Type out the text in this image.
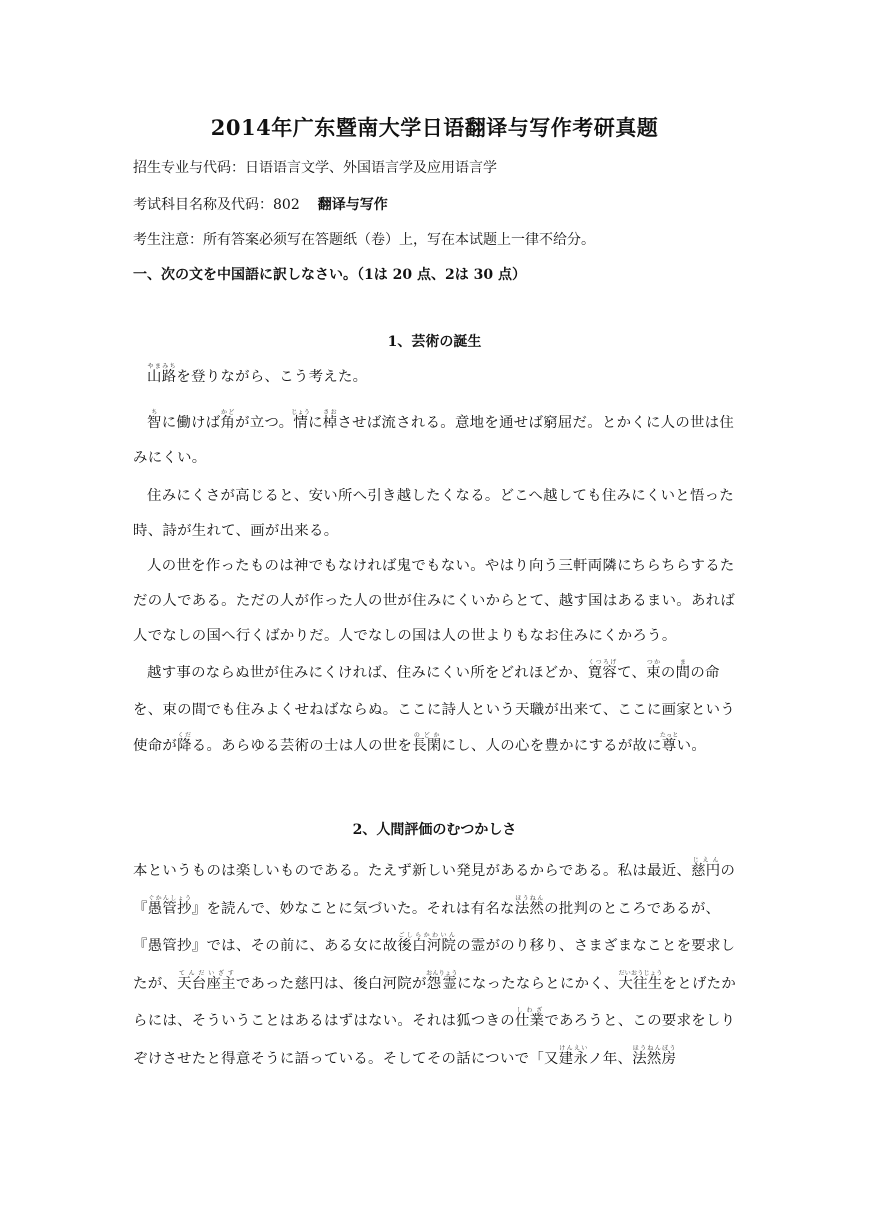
2014年广东暨南大学日语翻译与写作考研真题
招生专业与代码：日语语言文学、外国语言学及应用语言学
考试科目名称及代码：802 翻译与写作
考生注意：所有答案必须写在答题纸（卷）上，写在本试题上一律不给分。
一、次の文を中国語に訳しなさい。（1は 20 点、2は 30 点）
1、芸術の誕生
山路やまみちを登りながら、こう考えた。
智ちに働けば角かどが立つ。情じょうに棹さおさせば流される。意地を通せば窮屈だ。とかくに人の世は住みにくい。
住みにくさが高じると、安い所へ引き越したくなる。どこへ越しても住みにくいと悟った時、詩が生れて、画が出来る。
人の世を作ったものは神でもなければ鬼でもない。やはり向う三軒両隣にちらちらするただの人である。ただの人が作った人の世が住みにくいからとて、越す国はあるまい。あれば人でなしの国へ行くばかりだ。人でなしの国は人の世よりもなお住みにくかろう。
越す事のならぬ世が住みにくければ、住みにくい所をどれほどか、寛容くつろげて、束つかの間まの命を、束の間でも住みよくせねばならぬ。ここに詩人という天職が出来て、ここに画家という使命が降くだる。あらゆる芸術の士は人の世を長閑のどかにし、人の心を豊かにするが故に尊たっとい。
2、人間評価のむつかしさ
本というものは楽しいものである。たえず新しい発見があるからである。私は最近、慈円じえんの『愚管抄ぐかんしょう』を読んで、妙なことに気づいた。それは有名な法然ほうねんの批判のところであるが、『愚管抄』では、その前に、ある女に故後白河院ごしらかわいんの霊がのり移り、さまざまなことを要求したが、天台座主てんだいざすであった慈円は、後白河院が怨霊おんりょうになったならとにかく、大往生だいおうじょうをとげたからには、そういうことはあるはずはない。それは狐つきの仕業しわざであろうと、この要求をしりぞけさせたと得意そうに語っている。そしてその話についで「又建永けんえいノ年、法然房ほうねんぼう
